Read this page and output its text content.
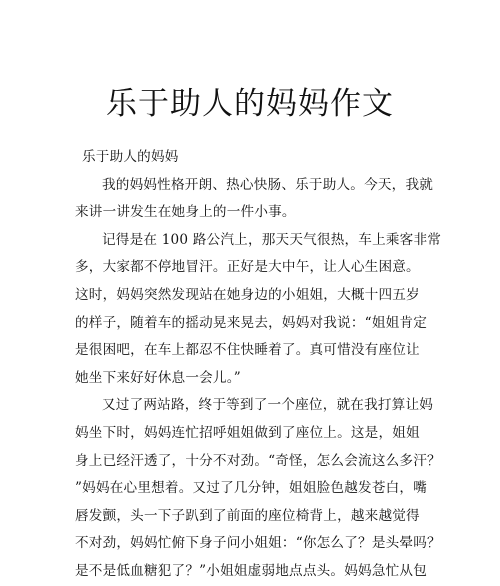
乐于助人的妈妈作文
乐于助人的妈妈
我的妈妈性格开朗、热心快肠、乐于助人。今天，我就
来讲一讲发生在她身上的一件小事。
记得是在 100 路公汽上，那天天气很热，车上乘客非常
多，大家都不停地冒汗。正好是大中午，让人心生困意。
这时，妈妈突然发现站在她身边的小姐姐，大概十四五岁
的样子，随着车的摇动晃来晃去，妈妈对我说：“姐姐肯定
是很困吧，在车上都忍不住快睡着了。真可惜没有座位让
她坐下来好好休息一会儿。”
又过了两站路，终于等到了一个座位，就在我打算让妈
妈坐下时，妈妈连忙招呼姐姐做到了座位上。这是，姐姐
身上已经汗透了，十分不对劲。“奇怪，怎么会流这么多汗？
”妈妈在心里想着。又过了几分钟，姐姐脸色越发苍白，嘴
唇发颤，头一下子趴到了前面的座位椅背上，越来越觉得
不对劲，妈妈忙俯下身子问小姐姐：“你怎么了？是头晕吗？
是不是低血糖犯了？”小姐姐虚弱地点点头。妈妈急忙从包
